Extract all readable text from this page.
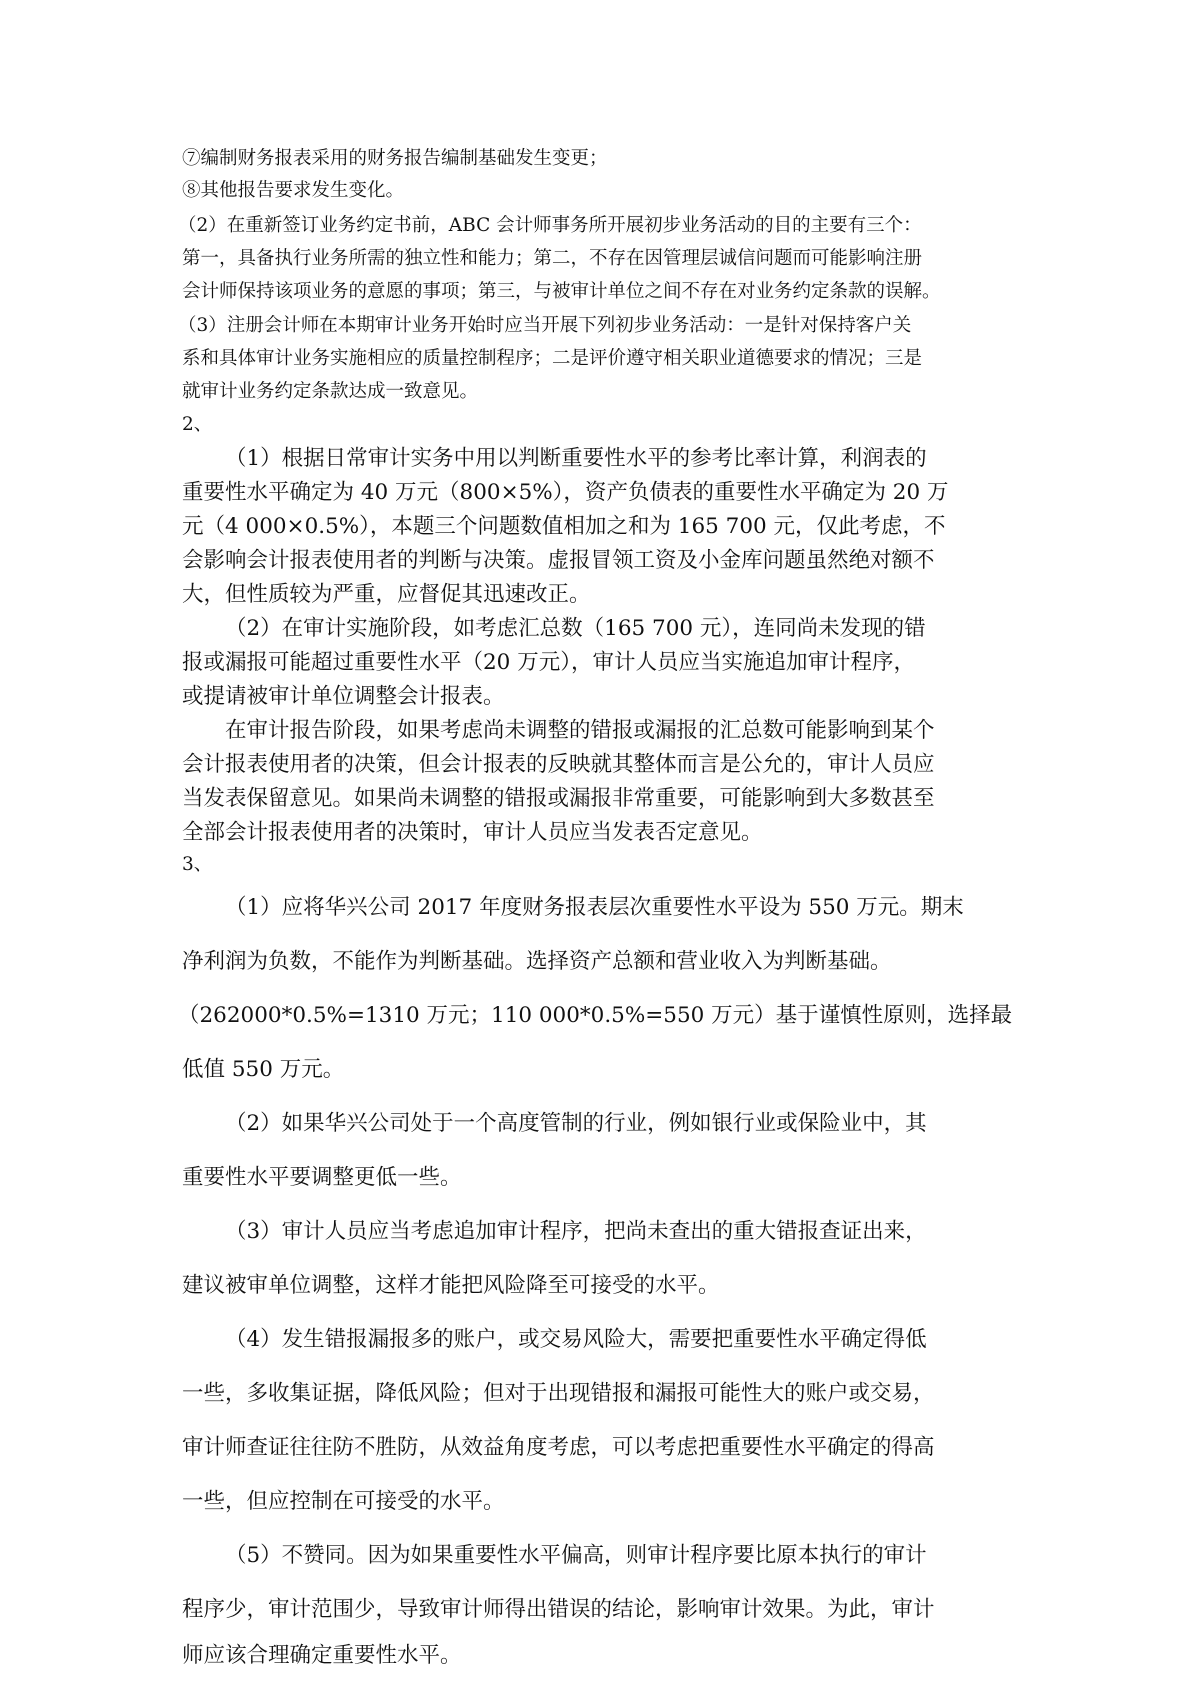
⑦编制财务报表采用的财务报告编制基础发生变更；

⑧其他报告要求发生变化。

（2）在重新签订业务约定书前，ABC 会计师事务所开展初步业务活动的目的主要有三个：

第一，具备执行业务所需的独立性和能力；第二，不存在因管理层诚信问题而可能影响注册

会计师保持该项业务的意愿的事项；第三，与被审计单位之间不存在对业务约定条款的误解。

（3）注册会计师在本期审计业务开始时应当开展下列初步业务活动：一是针对保持客户关

系和具体审计业务实施相应的质量控制程序；二是评价遵守相关职业道德要求的情况；三是

就审计业务约定条款达成一致意见。

2、

（1）根据日常审计实务中用以判断重要性水平的参考比率计算，利润表的

重要性水平确定为 40 万元（800×5%），资产负债表的重要性水平确定为 20 万

元（4 000×0.5%），本题三个问题数值相加之和为 165 700 元，仅此考虑，不

会影响会计报表使用者的判断与决策。虚报冒领工资及小金库问题虽然绝对额不

大，但性质较为严重，应督促其迅速改正。

（2）在审计实施阶段，如考虑汇总数（165 700 元），连同尚未发现的错

报或漏报可能超过重要性水平（20 万元），审计人员应当实施追加审计程序，

或提请被审计单位调整会计报表。

在审计报告阶段，如果考虑尚未调整的错报或漏报的汇总数可能影响到某个

会计报表使用者的决策，但会计报表的反映就其整体而言是公允的，审计人员应

当发表保留意见。如果尚未调整的错报或漏报非常重要，可能影响到大多数甚至

全部会计报表使用者的决策时，审计人员应当发表否定意见。

3、

（1）应将华兴公司 2017 年度财务报表层次重要性水平设为 550 万元。期末

净利润为负数，不能作为判断基础。选择资产总额和营业收入为判断基础。

（262000*0.5%=1310 万元；110 000*0.5%=550 万元）基于谨慎性原则，选择最

低值 550 万元。

（2）如果华兴公司处于一个高度管制的行业，例如银行业或保险业中，其

重要性水平要调整更低一些。

（3）审计人员应当考虑追加审计程序，把尚未查出的重大错报查证出来，

建议被审单位调整，这样才能把风险降至可接受的水平。

（4）发生错报漏报多的账户，或交易风险大，需要把重要性水平确定得低

一些，多收集证据，降低风险；但对于出现错报和漏报可能性大的账户或交易，

审计师查证往往防不胜防，从效益角度考虑，可以考虑把重要性水平确定的得高

一些，但应控制在可接受的水平。

（5）不赞同。因为如果重要性水平偏高，则审计程序要比原本执行的审计

程序少，审计范围少，导致审计师得出错误的结论，影响审计效果。为此，审计

师应该合理确定重要性水平。
